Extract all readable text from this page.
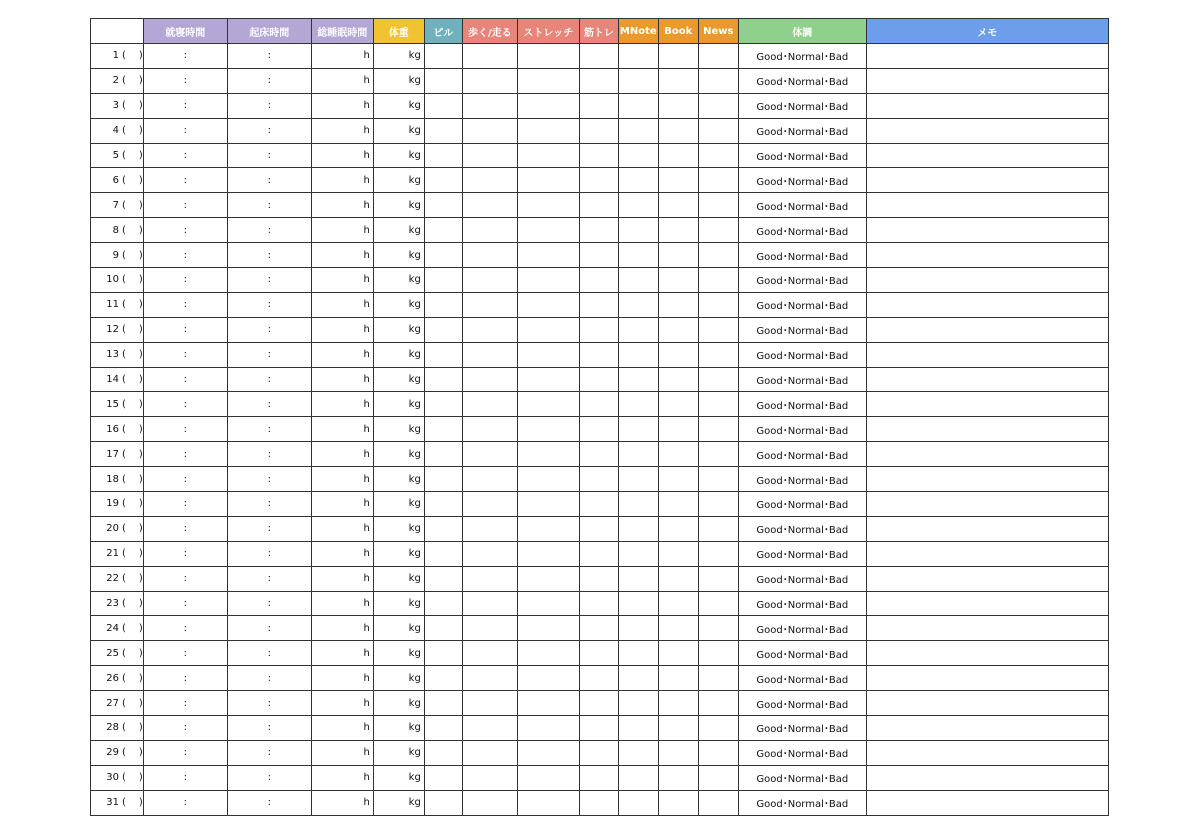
	就寝時間	起床時間	総睡眠時間	体重	ピル	歩く/走る	ストレッチ	筋トレ	MNote	Book	News	体調	メモ
1 ( )	:	:	h	kg								Good･Normal･Bad	
2 ( )	:	:	h	kg								Good･Normal･Bad	
3 ( )	:	:	h	kg								Good･Normal･Bad	
4 ( )	:	:	h	kg								Good･Normal･Bad	
5 ( )	:	:	h	kg								Good･Normal･Bad	
6 ( )	:	:	h	kg								Good･Normal･Bad	
7 ( )	:	:	h	kg								Good･Normal･Bad	
8 ( )	:	:	h	kg								Good･Normal･Bad	
9 ( )	:	:	h	kg								Good･Normal･Bad	
10 ( )	:	:	h	kg								Good･Normal･Bad	
11 ( )	:	:	h	kg								Good･Normal･Bad	
12 ( )	:	:	h	kg								Good･Normal･Bad	
13 ( )	:	:	h	kg								Good･Normal･Bad	
14 ( )	:	:	h	kg								Good･Normal･Bad	
15 ( )	:	:	h	kg								Good･Normal･Bad	
16 ( )	:	:	h	kg								Good･Normal･Bad	
17 ( )	:	:	h	kg								Good･Normal･Bad	
18 ( )	:	:	h	kg								Good･Normal･Bad	
19 ( )	:	:	h	kg								Good･Normal･Bad	
20 ( )	:	:	h	kg								Good･Normal･Bad	
21 ( )	:	:	h	kg								Good･Normal･Bad	
22 ( )	:	:	h	kg								Good･Normal･Bad	
23 ( )	:	:	h	kg								Good･Normal･Bad	
24 ( )	:	:	h	kg								Good･Normal･Bad	
25 ( )	:	:	h	kg								Good･Normal･Bad	
26 ( )	:	:	h	kg								Good･Normal･Bad	
27 ( )	:	:	h	kg								Good･Normal･Bad	
28 ( )	:	:	h	kg								Good･Normal･Bad	
29 ( )	:	:	h	kg								Good･Normal･Bad	
30 ( )	:	:	h	kg								Good･Normal･Bad	
31 ( )	:	:	h	kg								Good･Normal･Bad	
